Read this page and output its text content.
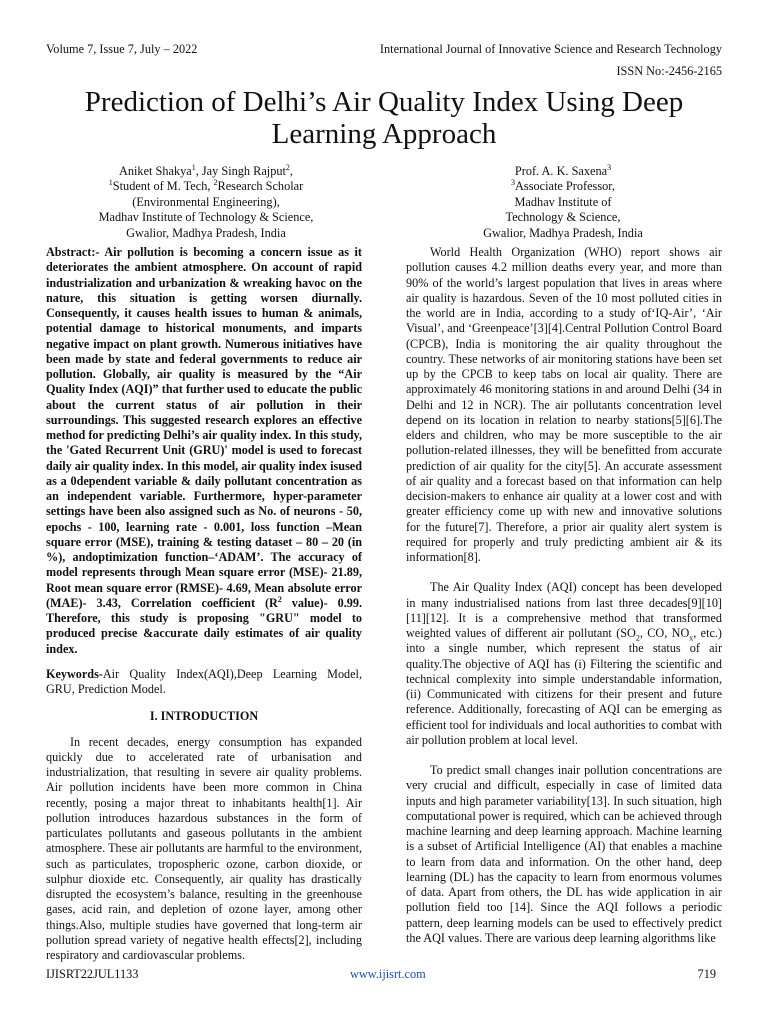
Volume 7, Issue 7, July – 2022	International Journal of Innovative Science and Research Technology
ISSN No:-2456-2165
Prediction of Delhi’s Air Quality Index Using Deep
Learning Approach
Aniket Shakya$^1$, Jay Singh Rajput$^2$,
$^1$Student of M. Tech, $^2$Research Scholar
(Environmental Engineering),
Madhav Institute of Technology & Science,
Gwalior, Madhya Pradesh, India
Prof. A. K. Saxena$^3$
$^3$Associate Professor,
Madhav Institute of
Technology & Science,
Gwalior, Madhya Pradesh, India

Abstract:- Air pollution is becoming a concern issue as it deteriorates the ambient atmosphere. On account of rapid industrialization and urbanization & wreaking havoc on the nature, this situation is getting worsen diurnally. Consequently, it causes health issues to human & animals, potential damage to historical monuments, and imparts negative impact on plant growth. Numerous initiatives have been made by state and federal governments to reduce air pollution. Globally, air quality is measured by the “Air Quality Index (AQI)” that further used to educate the public about the current status of air pollution in their surroundings. This suggested research explores an effective method for predicting Delhi’s air quality index. In this study, the 'Gated Recurrent Unit (GRU)' model is used to forecast daily air quality index. In this model, air quality index isused as a 0dependent variable & daily pollutant concentration as an independent variable. Furthermore, hyper-parameter settings have been also assigned such as No. of neurons - 50, epochs - 100, learning rate - 0.001, loss function –Mean square error (MSE), training & testing dataset – 80 – 20 (in %), andoptimization function–‘ADAM’. The accuracy of model represents through Mean square error (MSE)- 21.89, Root mean square error (RMSE)- 4.69, Mean absolute error (MAE)- 3.43, Correlation coefficient ($R^2$ value)- 0.99. Therefore, this study is proposing "GRU" model to produced precise &accurate daily estimates of air quality index.

Keywords-Air Quality Index(AQI),Deep Learning Model, GRU, Prediction Model.

I. INTRODUCTION

In recent decades, energy consumption has expanded quickly due to accelerated rate of urbanisation and industrialization, that resulting in severe air quality problems. Air pollution incidents have been more common in China recently, posing a major threat to inhabitants health[1]. Air pollution introduces hazardous substances in the form of particulates pollutants and gaseous pollutants in the ambient atmosphere. These air pollutants are harmful to the environment, such as particulates, tropospheric ozone, carbon dioxide, or sulphur dioxide etc. Consequently, air quality has drastically disrupted the ecosystem’s balance, resulting in the greenhouse gases, acid rain, and depletion of ozone layer, among other things.Also, multiple studies have governed that long-term air pollution spread variety of negative health effects[2], including respiratory and cardiovascular problems.

World Health Organization (WHO) report shows air pollution causes 4.2 million deaths every year, and more than 90% of the world’s largest population that lives in areas where air quality is hazardous. Seven of the 10 most polluted cities in the world are in India, according to a study of‘IQ-Air’, ‘Air Visual’, and ‘Greenpeace’[3][4].Central Pollution Control Board (CPCB), India is monitoring the air quality throughout the country. These networks of air monitoring stations have been set up by the CPCB to keep tabs on local air quality. There are approximately 46 monitoring stations in and around Delhi (34 in Delhi and 12 in NCR). The air pollutants concentration level depend on its location in relation to nearby stations[5][6].The elders and children, who may be more susceptible to the air pollution-related illnesses, they will be benefitted from accurate prediction of air quality for the city[5]. An accurate assessment of air quality and a forecast based on that information can help decision-makers to enhance air quality at a lower cost and with greater efficiency come up with new and innovative solutions for the future[7]. Therefore, a prior air quality alert system is required for properly and truly predicting ambient air & its information[8].

The Air Quality Index (AQI) concept has been developed in many industrialised nations from last three decades[9][10][11][12]. It is a comprehensive method that transformed weighted values of different air pollutant ($SO_2$, CO, $NO_x$, etc.) into a single number, which represent the status of air quality.The objective of AQI has (i) Filtering the scientific and technical complexity into simple understandable information, (ii) Communicated with citizens for their present and future reference. Additionally, forecasting of AQI can be emerging as efficient tool for individuals and local authorities to combat with air pollution problem at local level.

To predict small changes inair pollution concentrations are very crucial and difficult, especially in case of limited data inputs and high parameter variability[13]. In such situation, high computational power is required, which can be achieved through machine learning and deep learning approach. Machine learning is a subset of Artificial Intelligence (AI) that enables a machine to learn from data and information. On the other hand, deep learning (DL) has the capacity to learn from enormous volumes of data. Apart from others, the DL has wide application in air pollution field too [14]. Since the AQI follows a periodic pattern, deep learning models can be used to effectively predict the AQI values. There are various deep learning algorithms like

IJISRT22JUL1133	www.ijisrt.com	719
